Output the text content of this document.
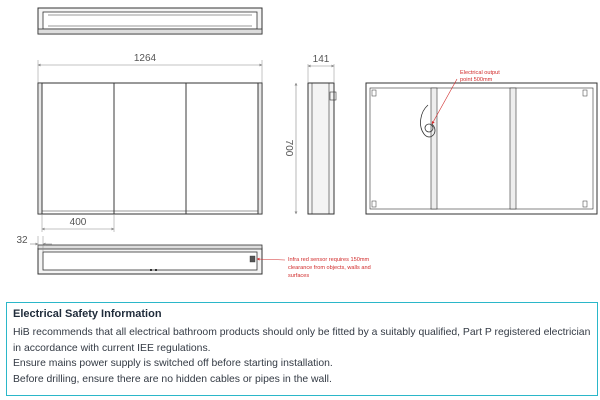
1264
400
141
700
Electrical output
point 500mm
32
Infra red sensor requires 150mm
clearance from objects, walls and
surfaces

Electrical Safety Information

HiB recommends that all electrical bathroom products should only be fitted by a suitably qualified, Part P registered electrician

in accordance with current IEE regulations.

Ensure mains power supply is switched off before starting installation.

Before drilling, ensure there are no hidden cables or pipes in the wall.
